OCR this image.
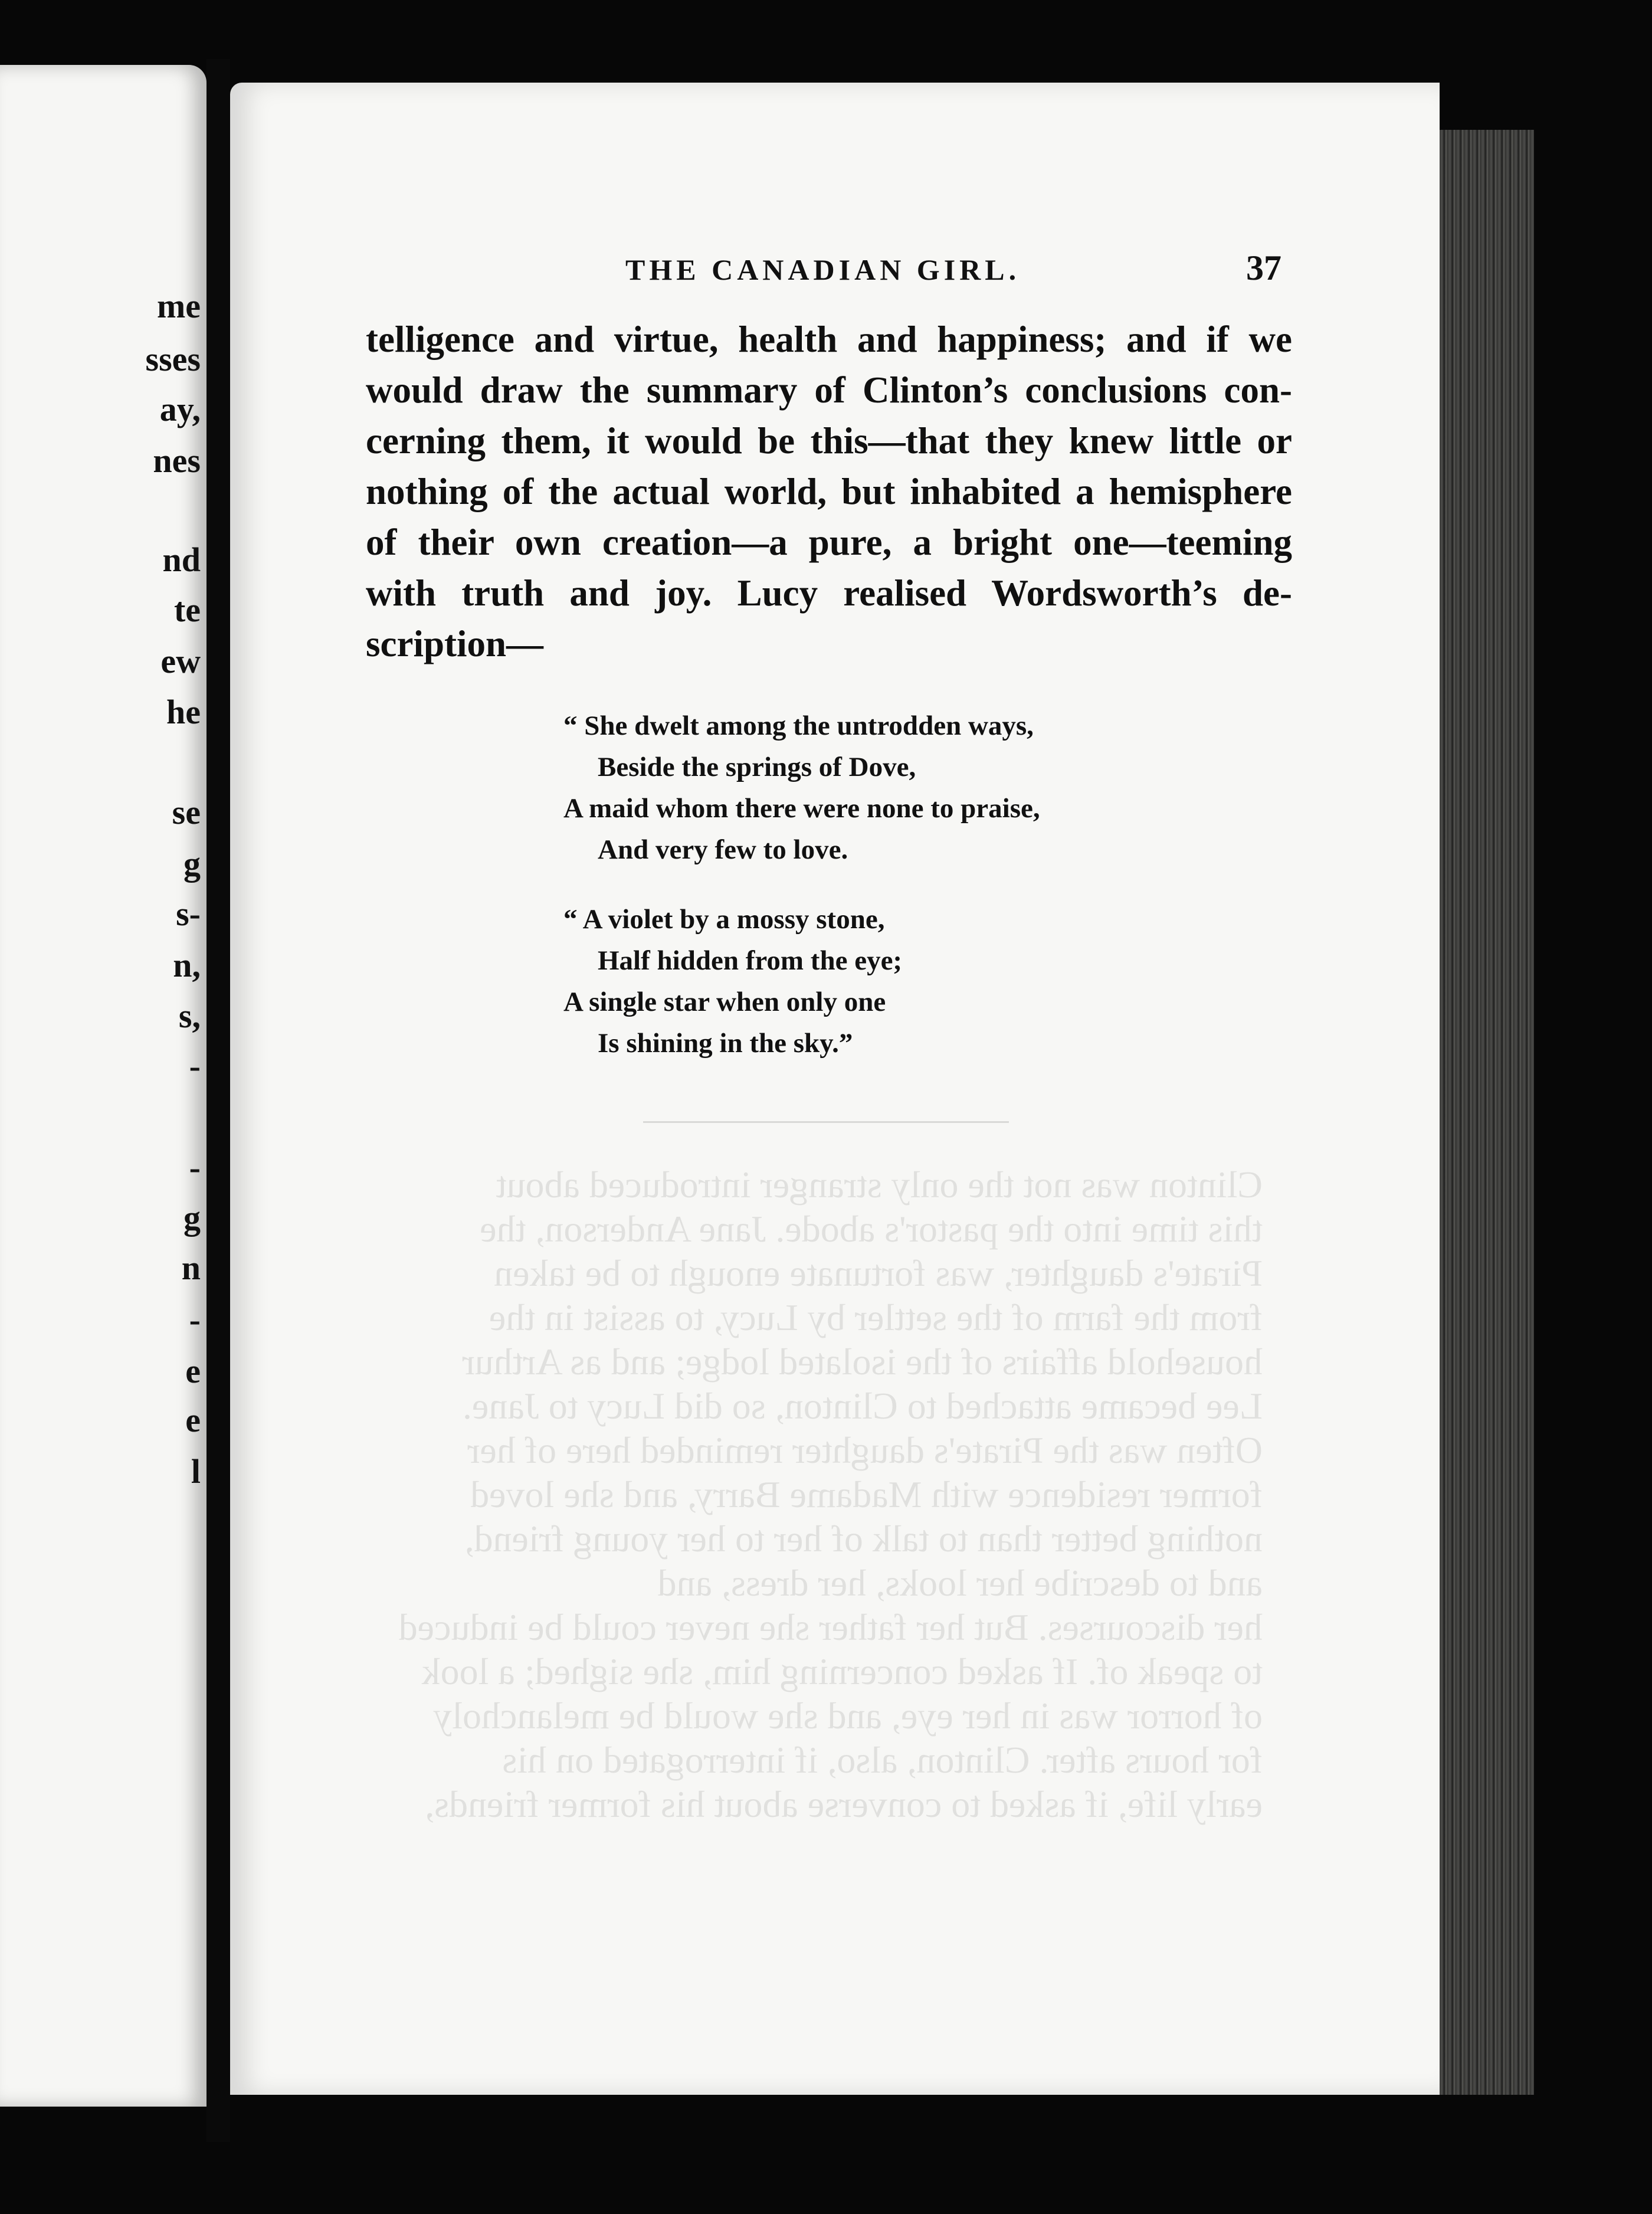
me

sses

ay,

nes

nd

te

ew

he

se

g

s-

n,

s,

-

-

g

n

-

e

e

l

Clinton was not the only stranger introduced about

this time into the pastor's abode. Jane Anderson, the

Pirate's daughter, was fortunate enough to be taken

from the farm of the settler by Lucy, to assist in the

household affairs of the isolated lodge; and as Arthur

Lee became attached to Clinton, so did Lucy to Jane.

Often was the Pirate's daughter reminded here of her

former residence with Madame Barry, and she loved

nothing better than to talk of her to her young friend,

and to describe her looks, her dress, and

her discourses. But her father she never could be induced

to speak of. If asked concerning him, she sighed; a look

of horror was in her eye, and she would be melancholy

for hours after. Clinton, also, if interrogated on his

early life, if asked to converse about his former friends,

THE CANADIAN GIRL.	37

telligence and virtue, health and happiness; and if we
would draw the summary of Clinton’s conclusions con-
cerning them, it would be this—that they knew little or
nothing of the actual world, but inhabited a hemisphere
of their own creation—a pure, a bright one—teeming
with truth and joy. Lucy realised Wordsworth’s de-
scription—
“ She dwelt among the untrodden ways,
Beside the springs of Dove,
A maid whom there were none to praise,
And very few to love.
“ A violet by a mossy stone,
Half hidden from the eye;
A single star when only one
Is shining in the sky.”
